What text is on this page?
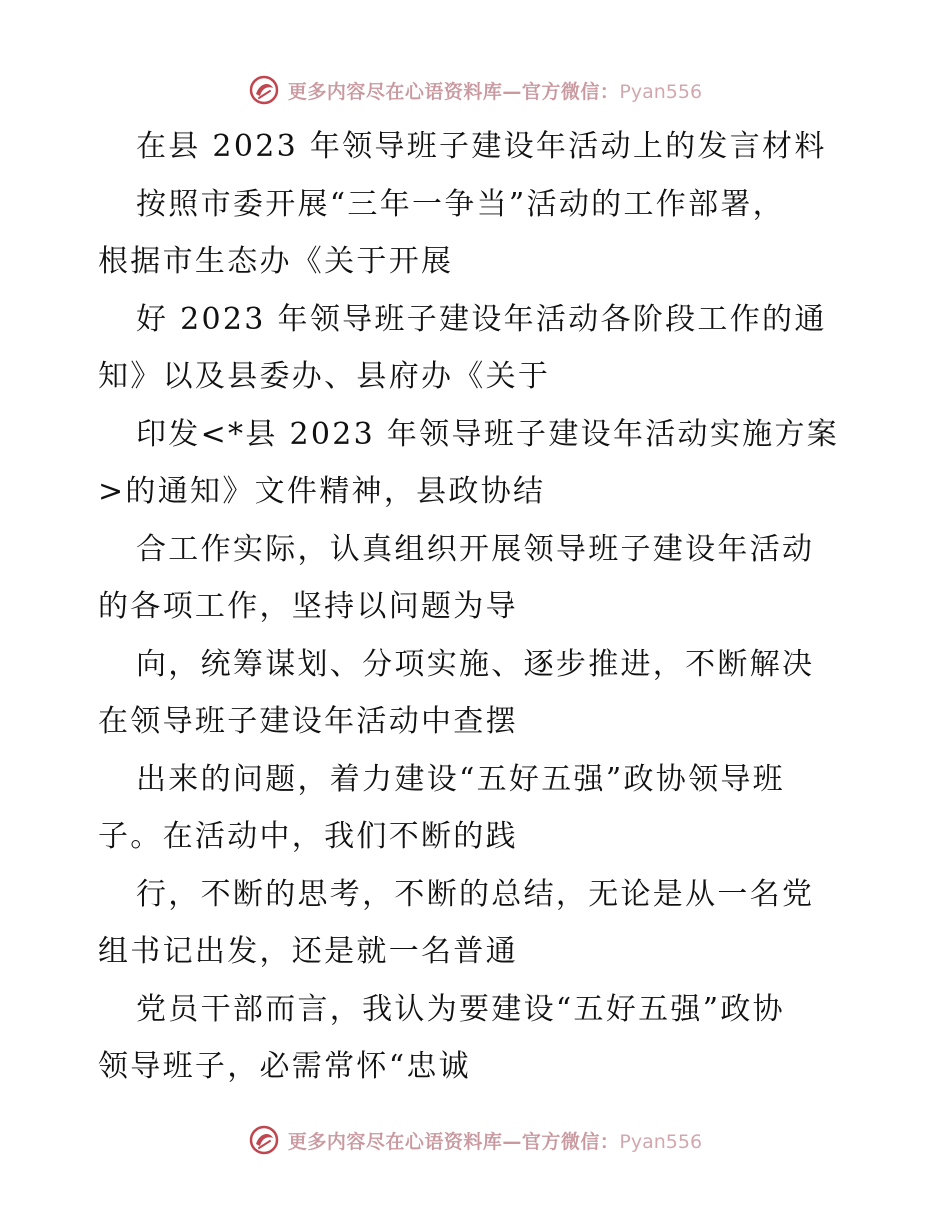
更多内容尽在心语资料库—官方微信：Pyan556

在县 2023 年领导班子建设年活动上的发言材料

按照市委开展“三年一争当”活动的工作部署，

根据市生态办《关于开展

好 2023 年领导班子建设年活动各阶段工作的通

知》以及县委办、县府办《关于

印发<*县 2023 年领导班子建设年活动实施方案

>的通知》文件精神，县政协结

合工作实际，认真组织开展领导班子建设年活动

的各项工作，坚持以问题为导

向，统筹谋划、分项实施、逐步推进，不断解决

在领导班子建设年活动中查摆

出来的问题，着力建设“五好五强”政协领导班

子。在活动中，我们不断的践

行，不断的思考，不断的总结，无论是从一名党

组书记出发，还是就一名普通

党员干部而言，我认为要建设“五好五强”政协

领导班子，必需常怀“忠诚

更多内容尽在心语资料库—官方微信：Pyan556
